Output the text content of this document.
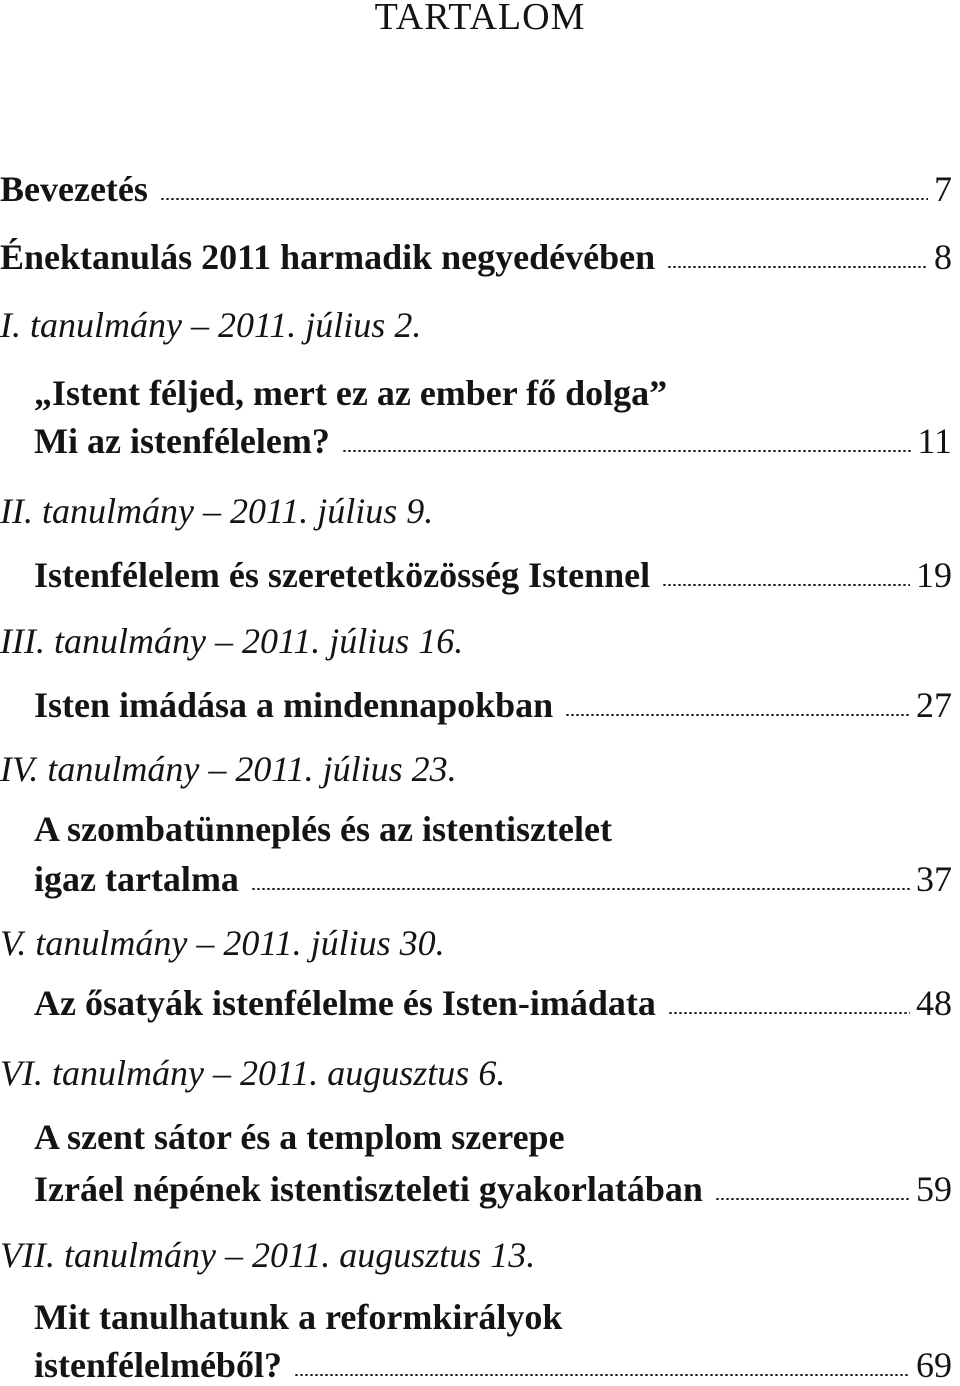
TARTALOM
Bevezetés	7
Énektanulás 2011 harmadik negyedévében	8
I. tanulmány – 2011. július 2.
„Istent féljed, mert ez az ember fő dolga”
Mi az istenfélelem?	11
II. tanulmány – 2011. július 9.
Istenfélelem és szeretetközösség Istennel	19
III. tanulmány – 2011. július 16.
Isten imádása a mindennapokban	27
IV. tanulmány – 2011. július 23.
A szombatünneplés és az istentisztelet
igaz tartalma	37
V. tanulmány – 2011. július 30.
Az ősatyák istenfélelme és Isten-imádata	48
VI. tanulmány – 2011. augusztus 6.
A szent sátor és a templom szerepe
Izráel népének istentiszteleti gyakorlatában	59
VII. tanulmány – 2011. augusztus 13.
Mit tanulhatunk a reformkirályok
istenfélelméből?	69
